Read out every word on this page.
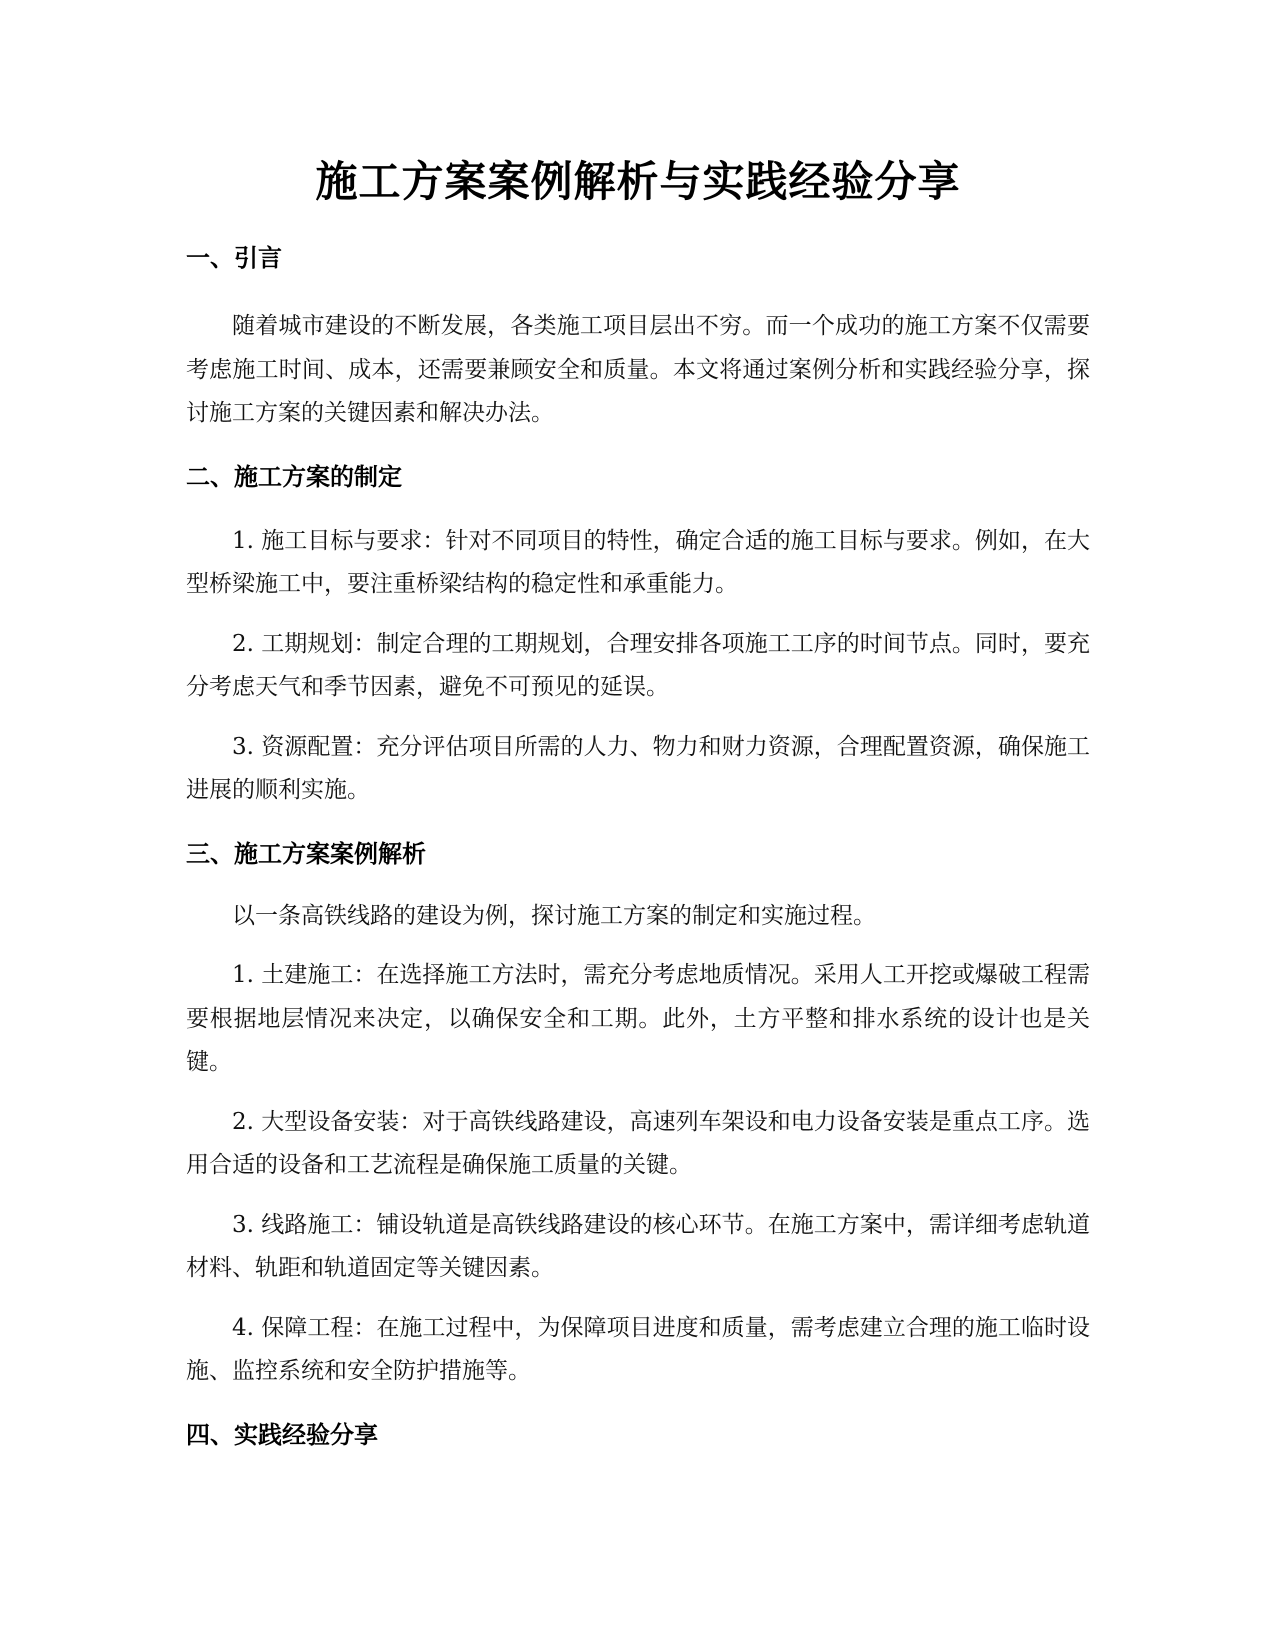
施工方案案例解析与实践经验分享
一、引言

随着城市建设的不断发展，各类施工项目层出不穷。而一个成功的施工方案不仅需要考虑施工时间、成本，还需要兼顾安全和质量。本文将通过案例分析和实践经验分享，探讨施工方案的关键因素和解决办法。

二、施工方案的制定

1. 施工目标与要求：针对不同项目的特性，确定合适的施工目标与要求。例如，在大型桥梁施工中，要注重桥梁结构的稳定性和承重能力。

2. 工期规划：制定合理的工期规划，合理安排各项施工工序的时间节点。同时，要充分考虑天气和季节因素，避免不可预见的延误。

3. 资源配置：充分评估项目所需的人力、物力和财力资源，合理配置资源，确保施工进展的顺利实施。

三、施工方案案例解析

以一条高铁线路的建设为例，探讨施工方案的制定和实施过程。

1. 土建施工：在选择施工方法时，需充分考虑地质情况。采用人工开挖或爆破工程需要根据地层情况来决定，以确保安全和工期。此外，土方平整和排水系统的设计也是关键。

2. 大型设备安装：对于高铁线路建设，高速列车架设和电力设备安装是重点工序。选用合适的设备和工艺流程是确保施工质量的关键。

3. 线路施工：铺设轨道是高铁线路建设的核心环节。在施工方案中，需详细考虑轨道材料、轨距和轨道固定等关键因素。

4. 保障工程：在施工过程中，为保障项目进度和质量，需考虑建立合理的施工临时设施、监控系统和安全防护措施等。

四、实践经验分享
